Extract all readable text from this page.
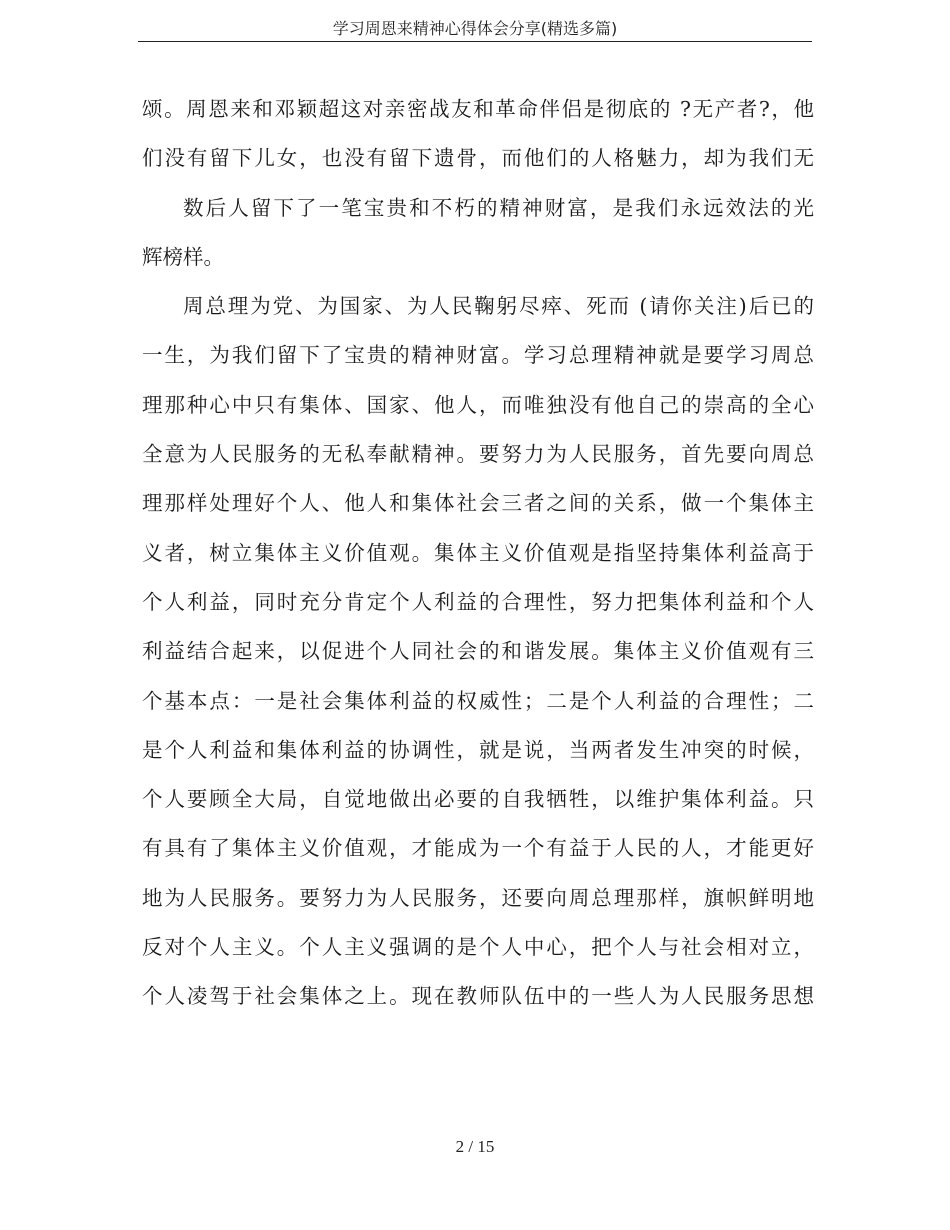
学习周恩来精神心得体会分享(精选多篇)
颂。周恩来和邓颖超这对亲密战友和革命伴侣是彻底的 ?无产者?，他
们没有留下儿女，也没有留下遗骨，而他们的人格魅力，却为我们无
数后人留下了一笔宝贵和不朽的精神财富，是我们永远效法的光
辉榜样。
周总理为党、为国家、为人民鞠躬尽瘁、死而 (请你关注)后已的
一生，为我们留下了宝贵的精神财富。学习总理精神就是要学习周总
理那种心中只有集体、国家、他人，而唯独没有他自己的崇高的全心
全意为人民服务的无私奉献精神。要努力为人民服务，首先要向周总
理那样处理好个人、他人和集体社会三者之间的关系，做一个集体主
义者，树立集体主义价值观。集体主义价值观是指坚持集体利益高于
个人利益，同时充分肯定个人利益的合理性，努力把集体利益和个人
利益结合起来，以促进个人同社会的和谐发展。集体主义价值观有三
个基本点：一是社会集体利益的权威性；二是个人利益的合理性；二
是个人利益和集体利益的协调性，就是说，当两者发生冲突的时候，
个人要顾全大局，自觉地做出必要的自我牺牲，以维护集体利益。只
有具有了集体主义价值观，才能成为一个有益于人民的人，才能更好
地为人民服务。要努力为人民服务，还要向周总理那样，旗帜鲜明地
反对个人主义。个人主义强调的是个人中心，把个人与社会相对立，
个人凌驾于社会集体之上。现在教师队伍中的一些人为人民服务思想
2 / 15
